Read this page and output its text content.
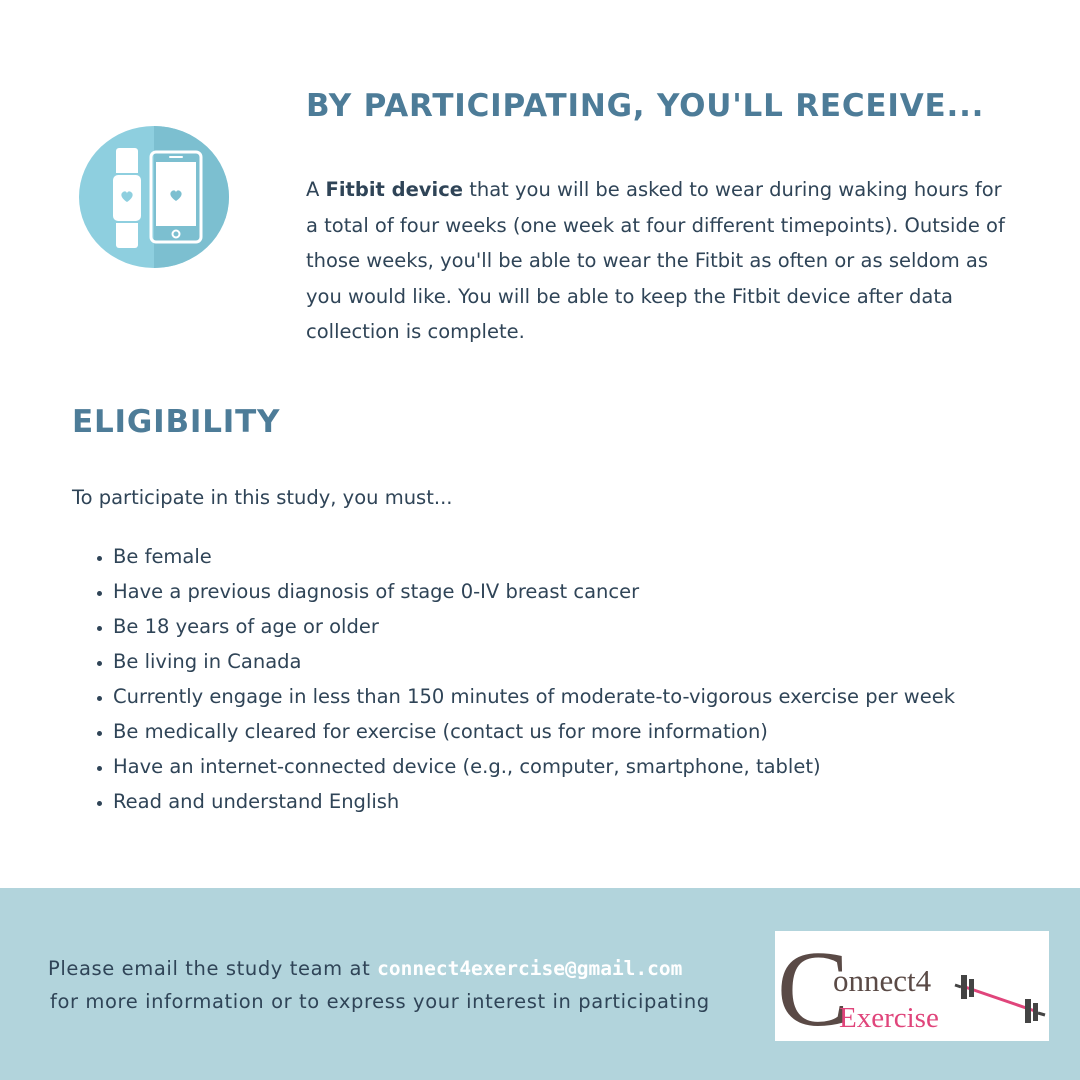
BY PARTICIPATING, YOU'LL RECEIVE...

A Fitbit device that you will be asked to wear during waking hours for a total of four weeks (one week at four different timepoints). Outside of those weeks, you'll be able to wear the Fitbit as often or as seldom as you would like. You will be able to keep the Fitbit device after data collection is complete.

ELIGIBILITY

To participate in this study, you must...

• Be female
• Have a previous diagnosis of stage 0-IV breast cancer
• Be 18 years of age or older
• Be living in Canada
• Currently engage in less than 150 minutes of moderate-to-vigorous exercise per week
• Be medically cleared for exercise (contact us for more information)
• Have an internet-connected device (e.g., computer, smartphone, tablet)
• Read and understand English

Please email the study team at connect4exercise@gmail.com
for more information or to express your interest in participating C
onnect4
Exercise
